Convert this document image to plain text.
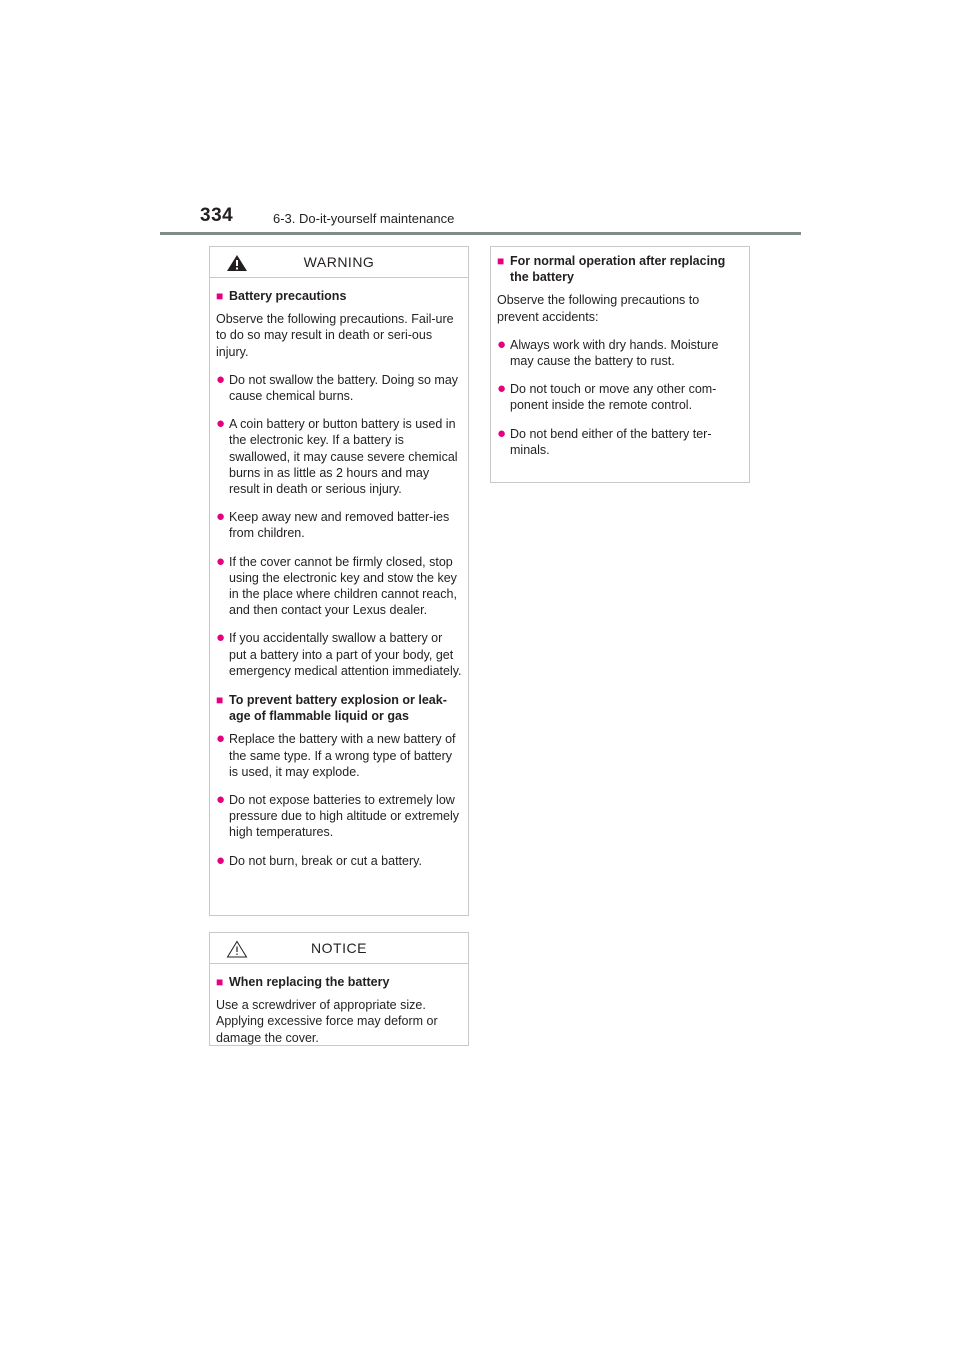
334	6-3. Do-it-yourself maintenance
WARNING
■ Battery precautions
Observe the following precautions. Fail-ure to do so may result in death or seri-ous injury.
● Do not swallow the battery. Doing so may cause chemical burns.
● A coin battery or button battery is used in the electronic key. If a battery is swallowed, it may cause severe chemical burns in as little as 2 hours and may result in death or serious injury.
● Keep away new and removed batter-ies from children.
● If the cover cannot be firmly closed, stop using the electronic key and stow the key in the place where children cannot reach, and then contact your Lexus dealer.
● If you accidentally swallow a battery or put a battery into a part of your body, get emergency medical attention immediately.
■ To prevent battery explosion or leak-age of flammable liquid or gas
● Replace the battery with a new battery of the same type. If a wrong type of battery is used, it may explode.
● Do not expose batteries to extremely low pressure due to high altitude or extremely high temperatures.
● Do not burn, break or cut a battery.
NOTICE
■ When replacing the battery
Use a screwdriver of appropriate size. Applying excessive force may deform or damage the cover.
■ For normal operation after replacing the battery
Observe the following precautions to prevent accidents:
● Always work with dry hands. Moisture may cause the battery to rust.
● Do not touch or move any other com-ponent inside the remote control.
● Do not bend either of the battery ter-minals.
